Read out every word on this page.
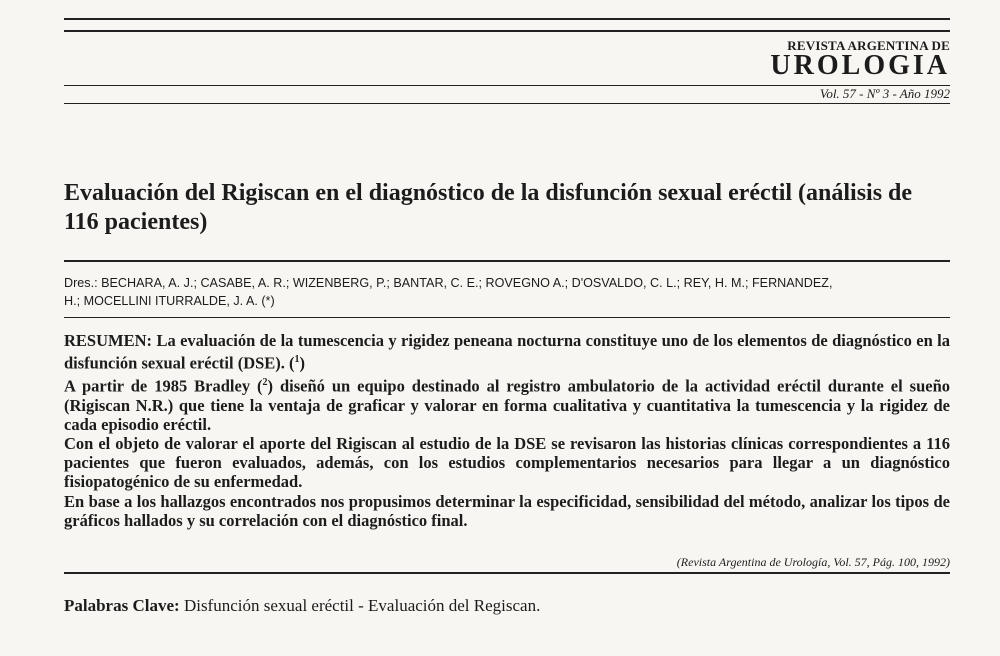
REVISTA ARGENTINA DE
UROLOGIA
Vol. 57 - Nº 3 - Año 1992
Evaluación del Rigiscan en el diagnóstico de la disfunción sexual eréctil (análisis de 116 pacientes)
Dres.: BECHARA, A. J.; CASABE, A. R.; WIZENBERG, P.; BANTAR, C. E.; ROVEGNO A.; D'OSVALDO, C. L.; REY, H. M.; FERNANDEZ,
H.; MOCELLINI ITURRALDE, J. A. (*)

RESUMEN: La evaluación de la tumescencia y rigidez peneana nocturna constituye uno de los elementos de diagnóstico en la disfunción sexual eréctil (DSE). ($^1$)

A partir de 1985 Bradley ($^2$) diseñó un equipo destinado al registro ambulatorio de la actividad eréctil durante el sueño (Rigiscan N.R.) que tiene la ventaja de graficar y valorar en forma cualitativa y cuantitativa la tumescencia y la rigidez de cada episodio eréctil.

Con el objeto de valorar el aporte del Rigiscan al estudio de la DSE se revisaron las historias clínicas correspondientes a 116 pacientes que fueron evaluados, además, con los estudios complementarios necesarios para llegar a un diagnóstico fisiopatogénico de su enfermedad.

En base a los hallazgos encontrados nos propusimos determinar la especificidad, sensibilidad del método, analizar los tipos de gráficos hallados y su correlación con el diagnóstico final.

(Revista Argentina de Urología, Vol. 57, Pág. 100, 1992)

Palabras Clave: Disfunción sexual eréctil - Evaluación del Regiscan.
